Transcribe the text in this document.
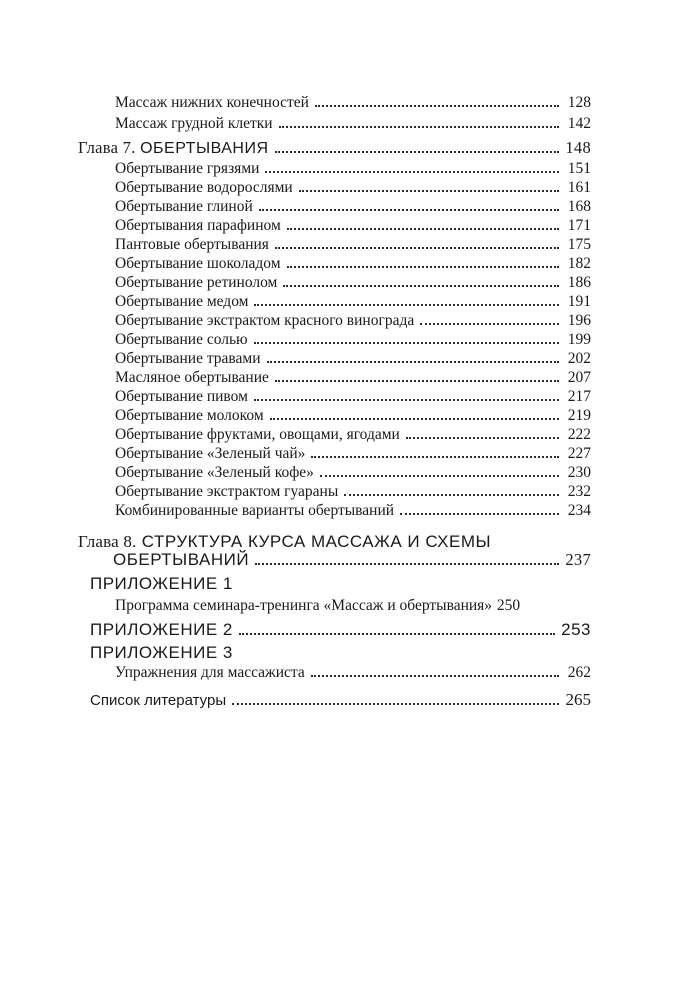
Массаж нижних конечностей	128
Массаж грудной клетки	142
Глава 7. ОБЕРТЫВАНИЯ	148
Обертывание грязями	151
Обертывание водорослями	161
Обертывание глиной	168
Обертывания парафином	171
Пантовые обертывания	175
Обертывание шоколадом	182
Обертывание ретинолом	186
Обертывание медом	191
Обертывание экстрактом красного винограда	196
Обертывание солью	199
Обертывание травами	202
Масляное обертывание	207
Обертывание пивом	217
Обертывание молоком	219
Обертывание фруктами, овощами, ягодами	222
Обертывание «Зеленый чай»	227
Обертывание «Зеленый кофе»	230
Обертывание экстрактом гуараны	232
Комбинированные варианты обертываний	234
Глава 8. СТРУКТУРА КУРСА МАССАЖА И СХЕМЫ
ОБЕРТЫВАНИЙ	237
ПРИЛОЖЕНИЕ 1
Программа семинара-тренинга «Массаж и обертывания» 250
ПРИЛОЖЕНИЕ 2	253
ПРИЛОЖЕНИЕ 3
Упражнения для массажиста	262
Список литературы	265
